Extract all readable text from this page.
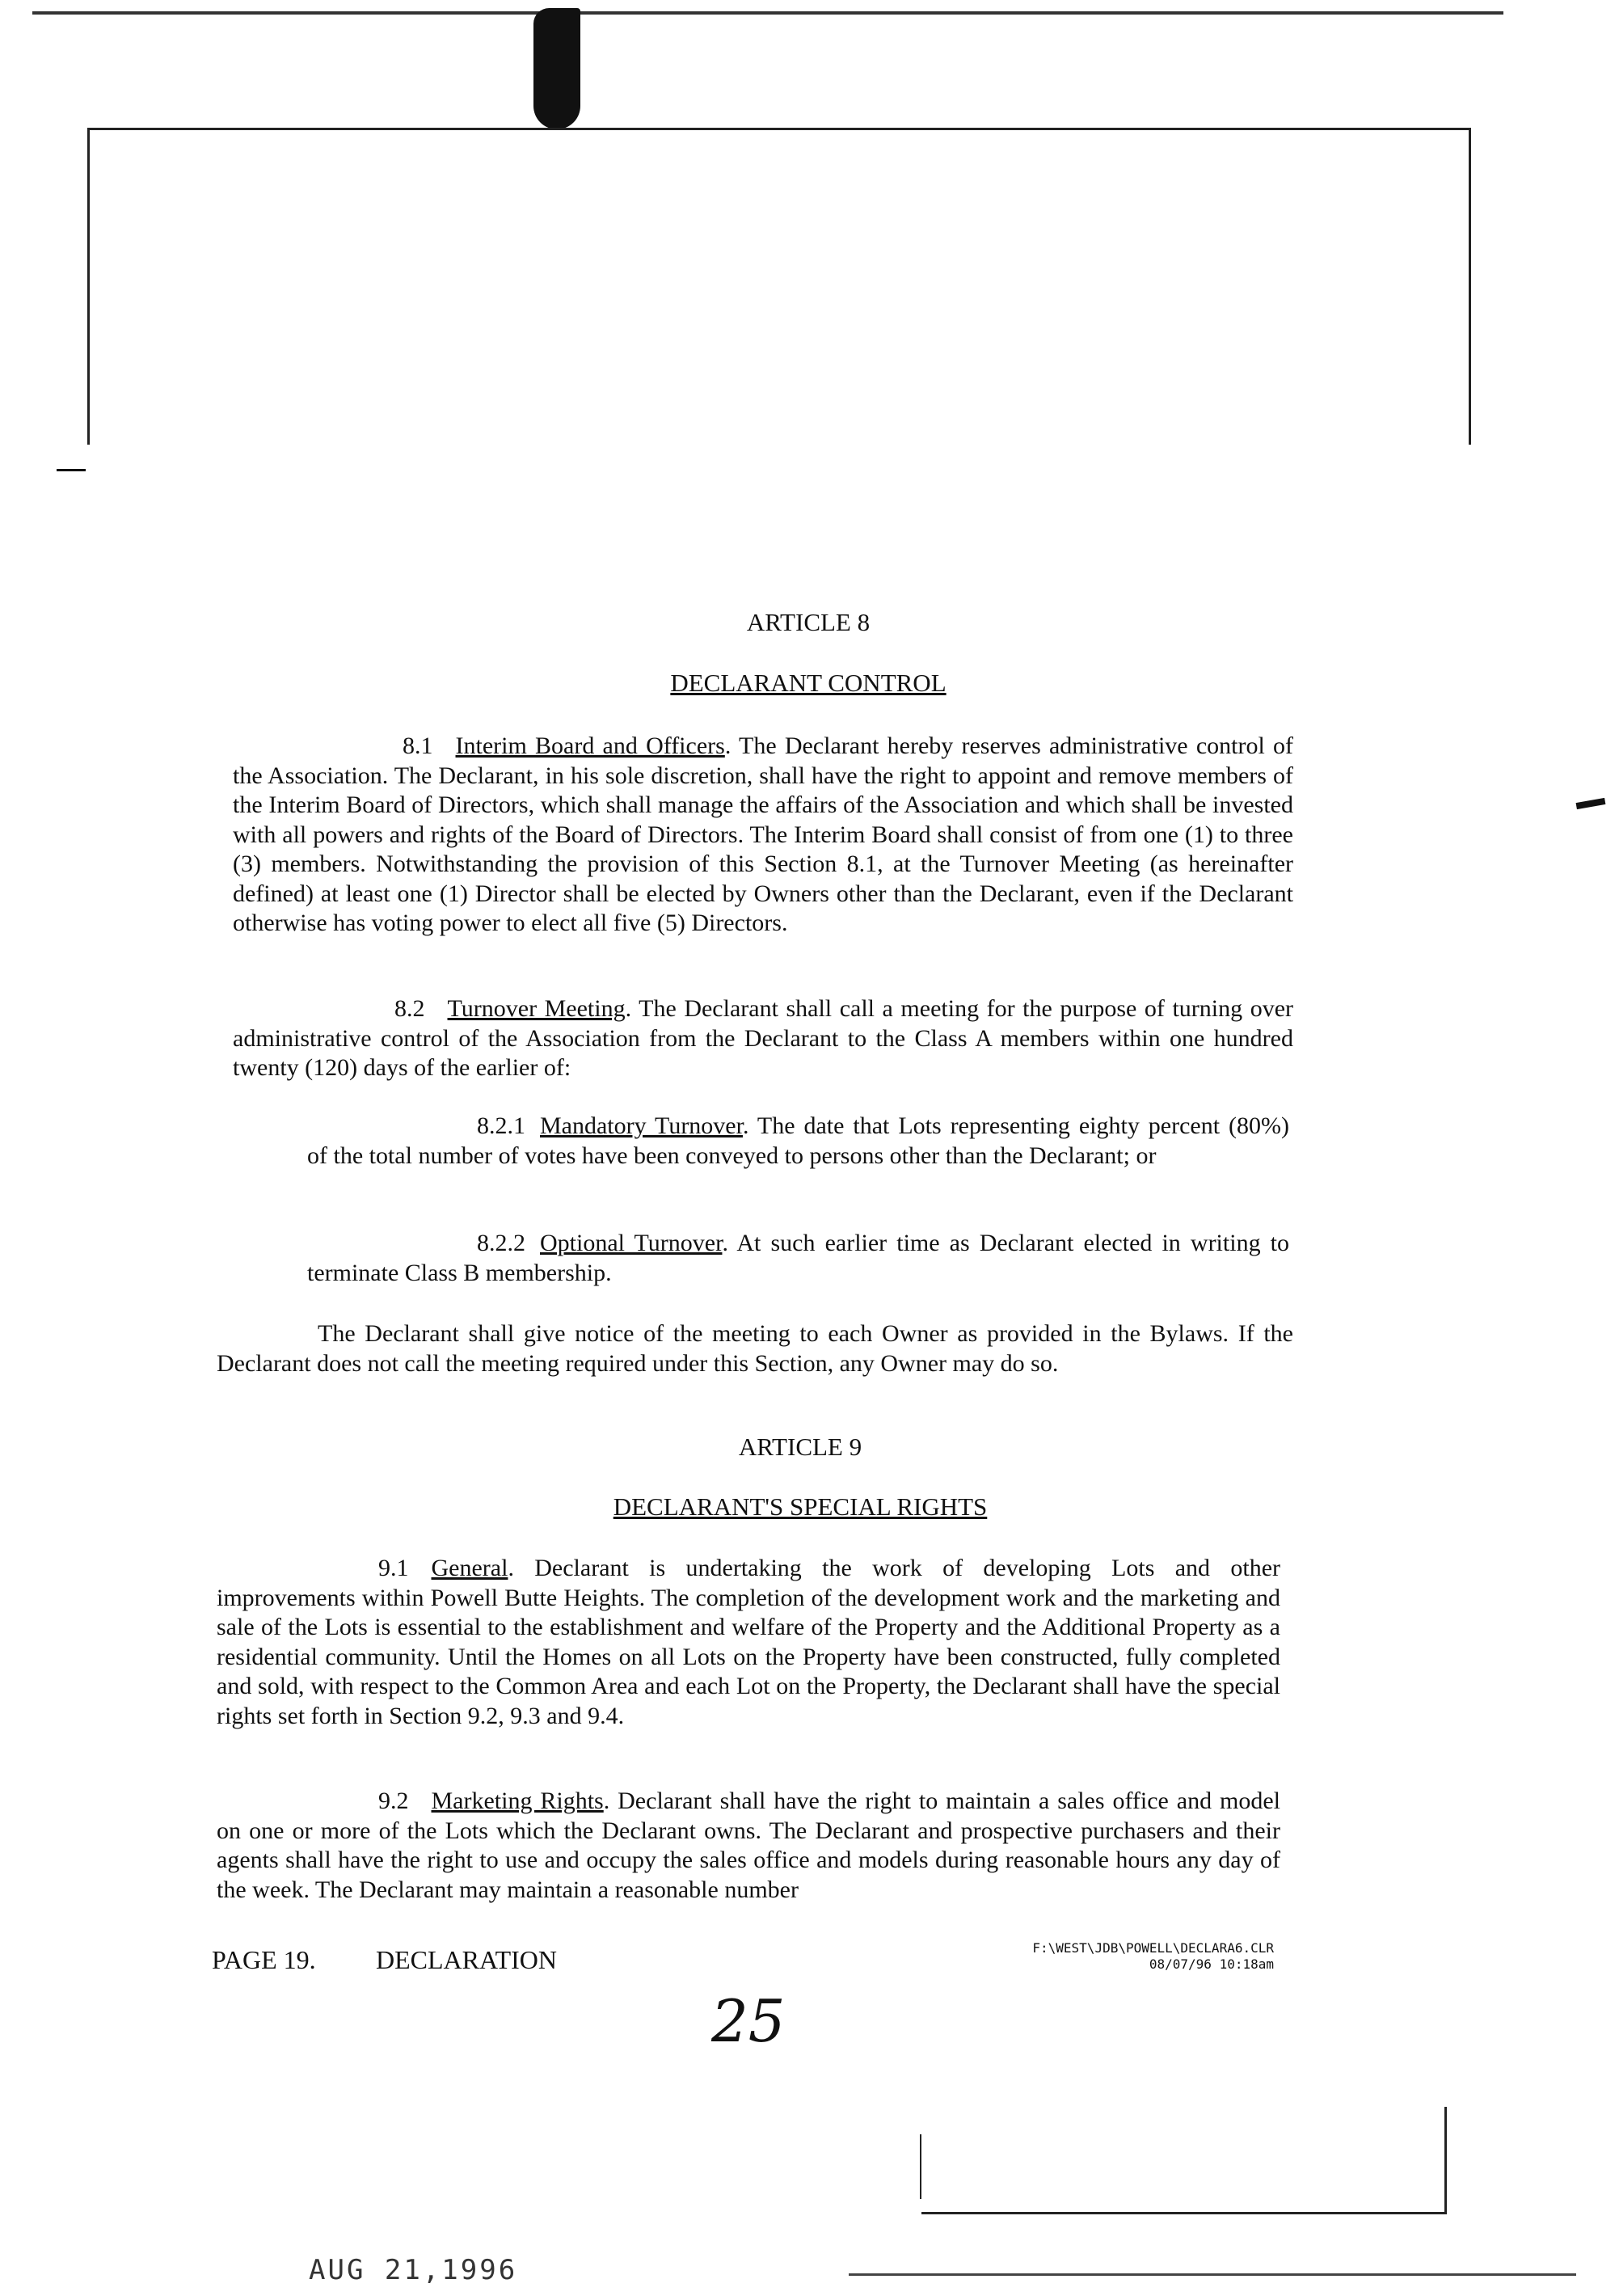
ARTICLE 8
DECLARANT CONTROL

8.1 Interim Board and Officers. The Declarant hereby reserves administrative control of the Association. The Declarant, in his sole discretion, shall have the right to appoint and remove members of the Interim Board of Directors, which shall manage the affairs of the Association and which shall be invested with all powers and rights of the Board of Directors. The Interim Board shall consist of from one (1) to three (3) members. Notwithstanding the provision of this Section 8.1, at the Turnover Meeting (as hereinafter defined) at least one (1) Director shall be elected by Owners other than the Declarant, even if the Declarant otherwise has voting power to elect all five (5) Directors.

8.2 Turnover Meeting. The Declarant shall call a meeting for the purpose of turning over administrative control of the Association from the Declarant to the Class A members within one hundred twenty (120) days of the earlier of:

8.2.1 Mandatory Turnover. The date that Lots representing eighty percent (80%) of the total number of votes have been conveyed to persons other than the Declarant; or

8.2.2 Optional Turnover. At such earlier time as Declarant elected in writing to terminate Class B membership.

The Declarant shall give notice of the meeting to each Owner as provided in the Bylaws. If the Declarant does not call the meeting required under this Section, any Owner may do so.

ARTICLE 9
DECLARANT'S SPECIAL RIGHTS

9.1 General. Declarant is undertaking the work of developing Lots and other improvements within Powell Butte Heights. The completion of the development work and the marketing and sale of the Lots is essential to the establishment and welfare of the Property and the Additional Property as a residential community. Until the Homes on all Lots on the Property have been constructed, fully completed and sold, with respect to the Common Area and each Lot on the Property, the Declarant shall have the special rights set forth in Section 9.2, 9.3 and 9.4.

9.2 Marketing Rights. Declarant shall have the right to maintain a sales office and model on one or more of the Lots which the Declarant owns. The Declarant and prospective purchasers and their agents shall have the right to use and occupy the sales office and models during reasonable hours any day of the week. The Declarant may maintain a reasonable number

PAGE 19. DECLARATION	F:\WEST\JDB\POWELL\DECLARA6.CLR
08/07/96 10:18am
25
AUG 21,1996
